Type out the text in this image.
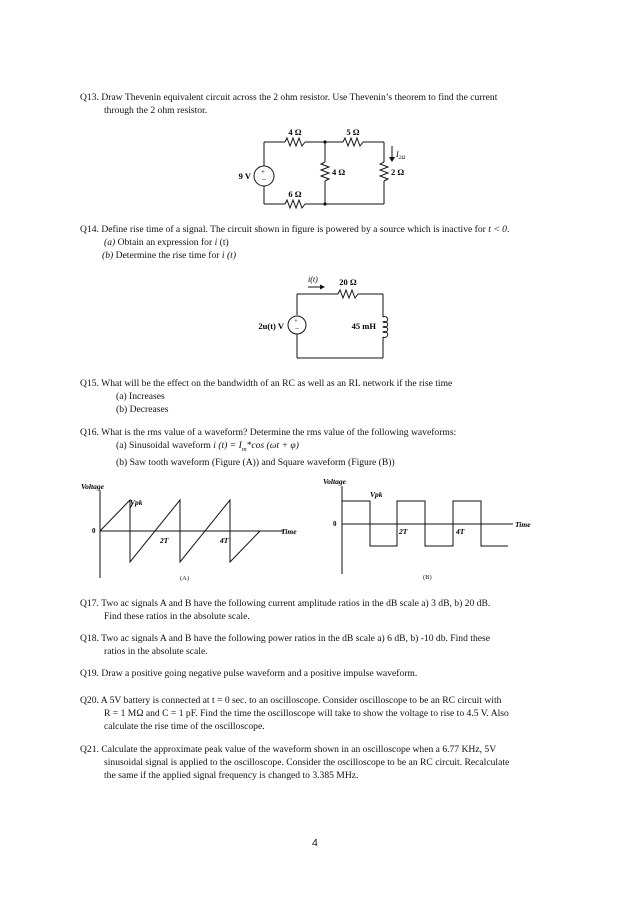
Q13. Draw Thevenin equivalent circuit across the 2 ohm resistor. Use Thevenin’s theorem to find the current
through the 2 ohm resistor.
+
−
4 Ω	5 Ω
6 Ω
4 Ω	2 Ω
9 V
$I_{2\Omega}$
Q14. Define rise time of a signal. The circuit shown in figure is powered by a source which is inactive for t < 0.
(a) Obtain an expression for i (t)
(b) Determine the rise time for i (t)
+
−
i(t)	20 Ω
45 mH
2u(t) V
Q15. What will be the effect on the bandwidth of an RC as well as an RL network if the rise time
(a) Increases
(b) Decreases
Q16. What is the rms value of a waveform? Determine the rms value of the following waveforms:
(a) Sinusoidal waveform i $(t) = I_m*\cos$ (ωt + φ)
(b) Saw tooth waveform (Figure (A)) and Square waveform (Figure (B))
Voltage
Vpk
0
2T	4T
Time
(A)
Voltage
Vpk
0
2T	4T
Time
(B)
Q17. Two ac signals A and B have the following current amplitude ratios in the dB scale a) 3 dB, b) 20 dB.
Find these ratios in the absolute scale.
Q18. Two ac signals A and B have the following power ratios in the dB scale a) 6 dB, b) -10 db. Find these
ratios in the absolute scale.
Q19. Draw a positive going negative pulse waveform and a positive impulse waveform.
Q20. A 5V battery is connected at t = 0 sec. to an oscilloscope. Consider oscilloscope to be an RC circuit with
R = 1 MΩ and C = 1 pF. Find the time the oscilloscope will take to show the voltage to rise to 4.5 V. Also
calculate the rise time of the oscilloscope.
Q21. Calculate the approximate peak value of the waveform shown in an oscilloscope when a 6.77 KHz, 5V
sinusoidal signal is applied to the oscilloscope. Consider the oscilloscope to be an RC circuit. Recalculate
the same if the applied signal frequency is changed to 3.385 MHz.
4
